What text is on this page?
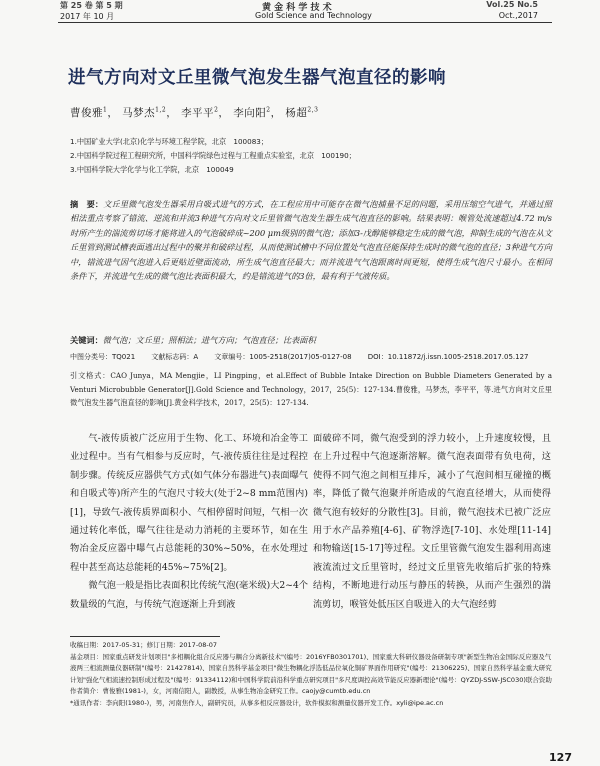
第 25 卷 第 5 期
2017 年 10 月
黄 金 科 学 技 术
Gold Science and Technology
Vol.25 No.5
Oct.,2017
进气方向对文丘里微气泡发生器气泡直径的影响
曹俊雅$^1$， 马梦杰$^{1,2}$， 李平平$^2$， 李向阳$^2$， 杨超$^{2,3}$
1.中国矿业大学(北京)化学与环境工程学院，北京　100083；
2.中国科学院过程工程研究所，中国科学院绿色过程与工程重点实验室，北京　100190；
3.中国科学院大学化学与化工学院，北京　100049
摘　要：文丘里微气泡发生器采用自吸式进气的方式，在工程应用中可能存在微气泡捕量不足的问题，采用压缩空气进气，并通过照相法重点考察了错流、逆流和并流3种进气方向对文丘里管微气泡发生器生成气泡直径的影响。结果表明：喉管处流速超过4.72 m/s时所产生的湍流剪切场才能将进入的气泡破碎成~200 μm级别的微气泡；添加3-戊醇能够稳定生成的微气泡，抑制生成的气泡在从文丘里管到测试槽表面逃出过程中的聚并和破碎过程，从而使测试槽中不同位置处气泡直径能保持生成时的微气泡的直径；3种进气方向中，错流进气因气泡进入后更贴近壁面流动，所生成气泡直径最大；而并流进气气泡跟离时间更短，使得生成气泡尺寸最小。在相同条件下，并流进气生成的微气泡比表面积最大，约是错流进气的3倍，最有利于气液传质。
关键词：微气泡；文丘里；照相法；进气方向；气泡直径；比表面积
中图分类号：TQ021 文献标志码：A 文章编号：1005-2518(2017)05-0127-08 DOI：10.11872/j.issn.1005-2518.2017.05.127
引文格式：CAO Junya，MA Mengjie，LI Pingping，et al.Effect of Bubble Intake Direction on Bubble Diameters Generated by a Venturi Microbubble Generator[J].Gold Science and Technology，2017，25(5)：127-134.曹俊雅，马梦杰，李平平，等.进气方向对文丘里微气泡发生器气泡直径的影响[J].黄金科学技术，2017，25(5)：127-134.

气-液传质被广泛应用于生物、化工、环境和冶金等工业过程中。当有气相参与反应时，气-液传质往往是过程控制步骤。传统反应器供气方式(如气体分布器进气)表面曝气和自吸式等)所产生的气泡尺寸较大(处于2~8 mm范围内)[1]，导致气-液传质界面积小、气相停留时间短，气相一次通过转化率低，曝气往往是动力消耗的主要环节，如在生物冶金反应器中曝气占总能耗的30%~50%，在水处理过程中甚至高达总能耗的45%~75%[2]。

微气泡一般是指比表面积比传统气泡(毫米级)大2~4个数量级的气泡，与传统气泡逐渐上升到液

面破碎不同，微气泡受到的浮力较小，上升速度较慢，且在上升过程中气泡逐渐溶解。微气泡表面带有负电荷，这使得不同气泡之间相互排斥，减小了气泡间相互碰撞的概率，降低了微气泡聚并所造成的气泡直径增大，从而使得微气泡有较好的分散性[3]。目前，微气泡技术已被广泛应用于水产品养殖[4-6]、矿物浮选[7-10]、水处理[11-14]和物输送[15-17]等过程。文丘里管微气泡发生器利用高速液流流过文丘里管时，经过文丘里管先收缩后扩张的特殊结构，不断地进行动压与静压的转换，从而产生强烈的湍流剪切，喉管处低压区自吸进入的大气泡经剪

收稿日期：2017-05-31；修订日期：2017-08-07

基金项目：国家重点研发计划项目"多相耦化组合反应器与耦合分离新技术"(编号：2016YFB0301701)、国家重大科研仪器设备研制专项"新型生物冶金国际反应器及气液两三相流测量仪器研制"(编号：21427814)、国家自然科学基金项目"微生物耦化浮选低品位氧化铜矿界面作用研究"(编号：21306225)、国家自然科学基金重大研究计划"强化气相流速控制形成过程及"(编号：91334112)和中国科学院前沿科学重点研究项目"多尺度调控高效节能反应器新理论"(编号：QYZDJ-SSW-JSC030)联合资助

作者简介：曹俊雅(1981-)，女，河南信阳人，副教授，从事生物冶金研究工作。caojy@cumtb.edu.cn

*通讯作者：李向阳(1980-)，男，河南焦作人，副研究员，从事多相反应器设计，软件模拟和测量仪器开发工作。xyli@ipe.ac.cn

127
